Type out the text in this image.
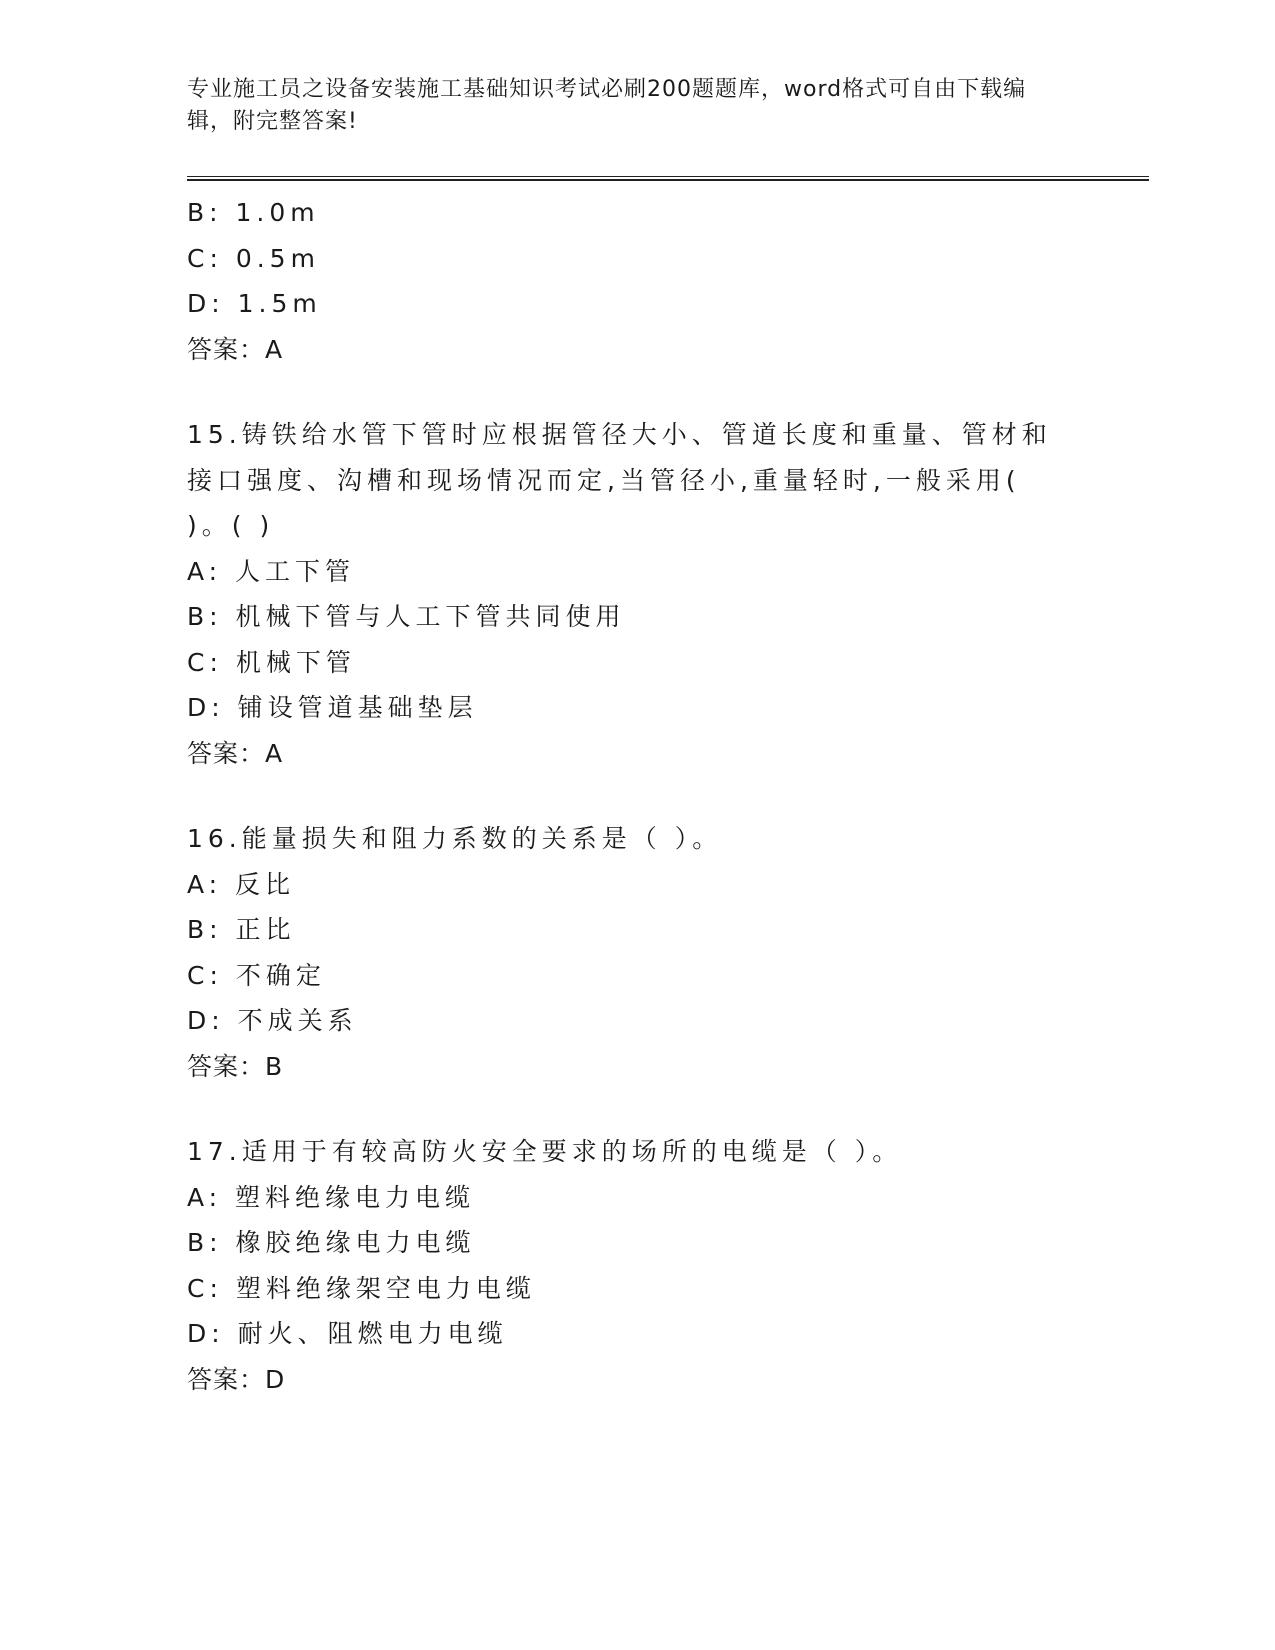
专业施工员之设备安装施工基础知识考试必刷200题题库，word格式可自由下载编辑，附完整答案!
B: 1.0m
C: 0.5m
D: 1.5m
答案：A
15.铸铁给水管下管时应根据管径大小、管道长度和重量、管材和接口强度、沟槽和现场情况而定,当管径小,重量轻时,一般采用( )。( )
A: 人工下管
B: 机械下管与人工下管共同使用
C: 机械下管
D: 铺设管道基础垫层
答案：A
16.能量损失和阻力系数的关系是（ ）。
A: 反比
B: 正比
C: 不确定
D: 不成关系
答案：B
17.适用于有较高防火安全要求的场所的电缆是（ ）。
A: 塑料绝缘电力电缆
B: 橡胶绝缘电力电缆
C: 塑料绝缘架空电力电缆
D: 耐火、阻燃电力电缆
答案：D
